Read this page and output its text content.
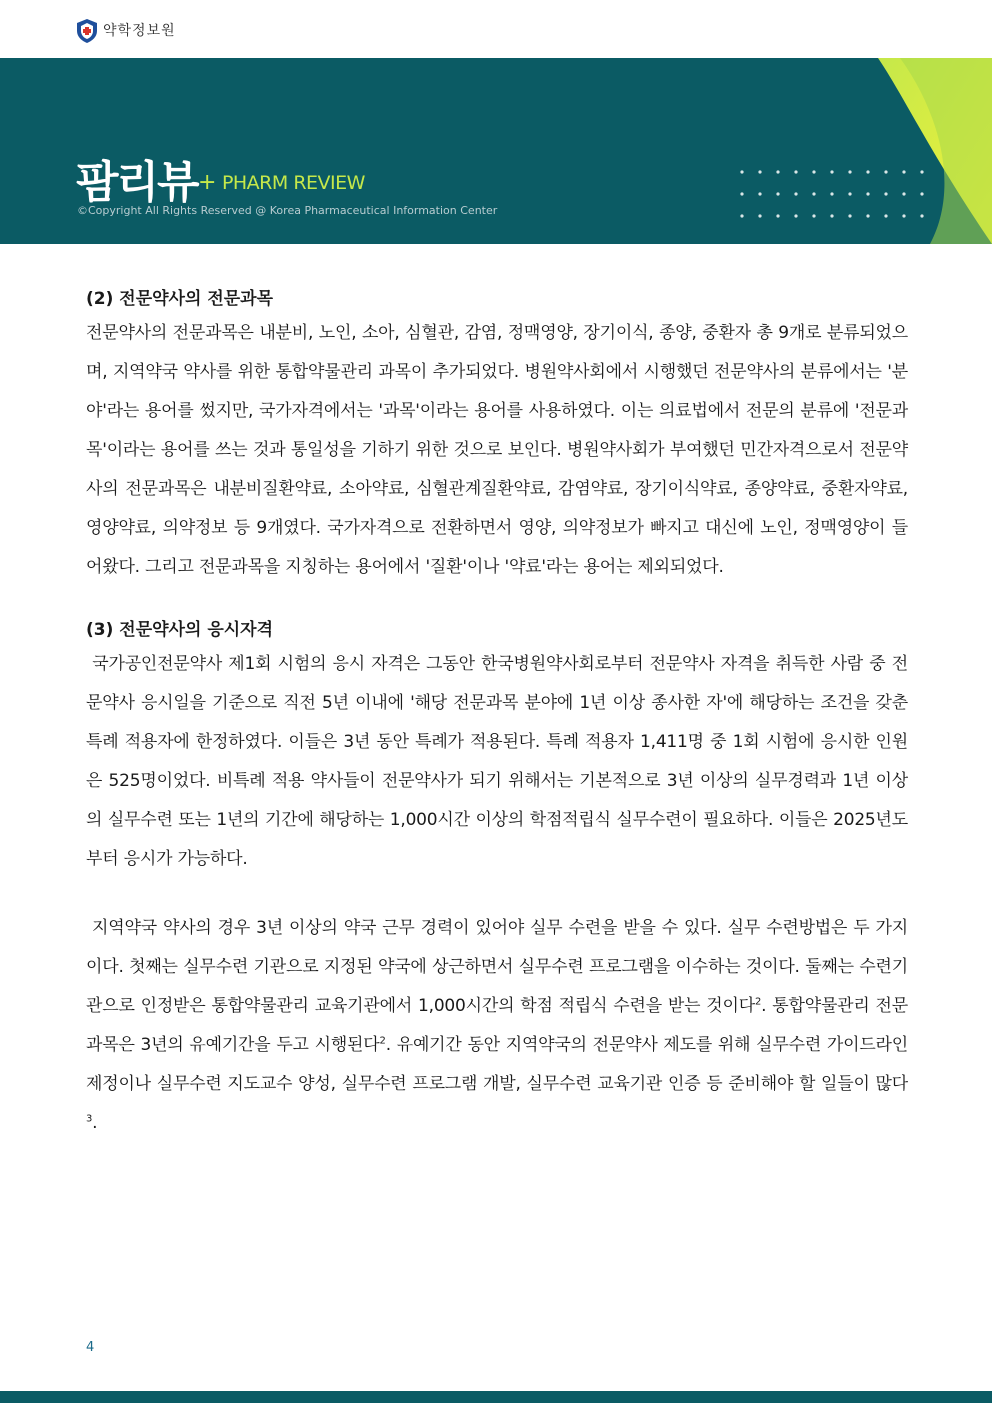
약학정보원
팜리뷰 + PHARM REVIEW
©Copyright All Rights Reserved @ Korea Pharmaceutical Information Center
(2) 전문약사의 전문과목

전문약사의 전문과목은 내분비, 노인, 소아, 심혈관, 감염, 정맥영양, 장기이식, 종양, 중환자 총 9개로 분류되었으며, 지역약국 약사를 위한 통합약물관리 과목이 추가되었다. 병원약사회에서 시행했던 전문약사의 분류에서는 '분야'라는 용어를 썼지만, 국가자격에서는 '과목'이라는 용어를 사용하였다. 이는 의료법에서 전문의 분류에 '전문과목'이라는 용어를 쓰는 것과 통일성을 기하기 위한 것으로 보인다. 병원약사회가 부여했던 민간자격으로서 전문약사의 전문과목은 내분비질환약료, 소아약료, 심혈관계질환약료, 감염약료, 장기이식약료, 종양약료, 중환자약료, 영양약료, 의약정보 등 9개였다. 국가자격으로 전환하면서 영양, 의약정보가 빠지고 대신에 노인, 정맥영양이 들어왔다. 그리고 전문과목을 지칭하는 용어에서 '질환'이나 '약료'라는 용어는 제외되었다.

(3) 전문약사의 응시자격

국가공인전문약사 제1회 시험의 응시 자격은 그동안 한국병원약사회로부터 전문약사 자격을 취득한 사람 중 전문약사 응시일을 기준으로 직전 5년 이내에 '해당 전문과목 분야에 1년 이상 종사한 자'에 해당하는 조건을 갖춘 특례 적용자에 한정하였다. 이들은 3년 동안 특례가 적용된다. 특례 적용자 1,411명 중 1회 시험에 응시한 인원은 525명이었다. 비특례 적용 약사들이 전문약사가 되기 위해서는 기본적으로 3년 이상의 실무경력과 1년 이상의 실무수련 또는 1년의 기간에 해당하는 1,000시간 이상의 학점적립식 실무수련이 필요하다. 이들은 2025년도부터 응시가 가능하다.

지역약국 약사의 경우 3년 이상의 약국 근무 경력이 있어야 실무 수련을 받을 수 있다. 실무 수련방법은 두 가지이다. 첫째는 실무수련 기관으로 지정된 약국에 상근하면서 실무수련 프로그램을 이수하는 것이다. 둘째는 수련기관으로 인정받은 통합약물관리 교육기관에서 1,000시간의 학점 적립식 수련을 받는 것이다$^2$. 통합약물관리 전문과목은 3년의 유예기간을 두고 시행된다$^2$. 유예기간 동안 지역약국의 전문약사 제도를 위해 실무수련 가이드라인 제정이나 실무수련 지도교수 양성, 실무수련 프로그램 개발, 실무수련 교육기관 인증 등 준비해야 할 일들이 많다$^3$.

4
